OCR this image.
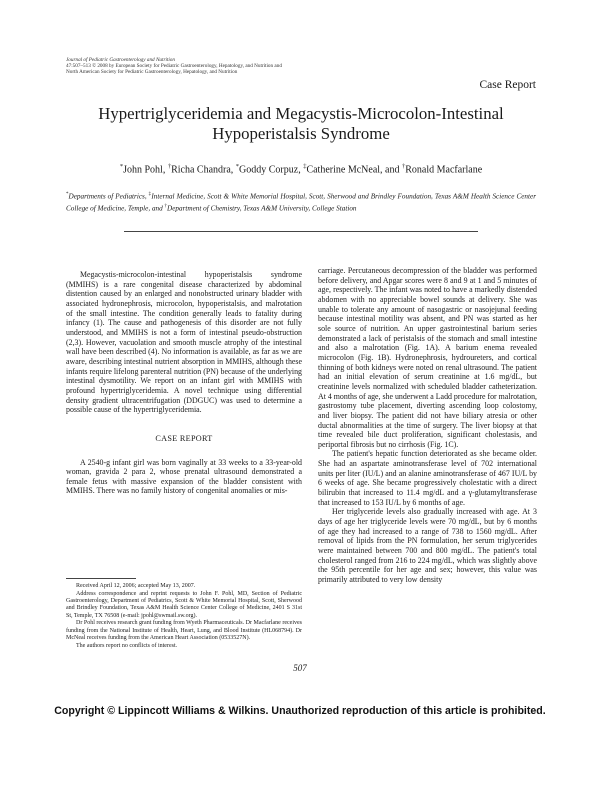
Journal of Pediatric Gastroenterology and Nutrition
47:507–513 © 2008 by European Society for Pediatric Gastroenterology, Hepatology, and Nutrition and
North American Society for Pediatric Gastroenterology, Hepatology, and Nutrition
Case Report
Hypertriglyceridemia and Megacystis-Microcolon-Intestinal
Hypoperistalsis Syndrome
*John Pohl, †Richa Chandra, *Goddy Corpuz, ‡Catherine McNeal, and †Ronald Macfarlane
*Departments of Pediatrics, ‡Internal Medicine, Scott & White Memorial Hospital, Scott, Sherwood and Brindley Foundation, Texas A&M Health Science Center College of Medicine, Temple, and †Department of Chemistry, Texas A&M University, College Station

Megacystis-microcolon-intestinal hypoperistalsis syndrome (MMIHS) is a rare congenital disease characterized by abdominal distention caused by an enlarged and nonobstructed urinary bladder with associated hydronephrosis, microcolon, hypoperistalsis, and malrotation of the small intestine. The condition generally leads to fatality during infancy (1). The cause and pathogenesis of this disorder are not fully understood, and MMIHS is not a form of intestinal pseudo-obstruction (2,3). However, vacuolation and smooth muscle atrophy of the intestinal wall have been described (4). No information is available, as far as we are aware, describing intestinal nutrient absorption in MMIHS, although these infants require lifelong parenteral nutrition (PN) because of the underlying intestinal dysmotility. We report on an infant girl with MMIHS with profound hypertriglyceridemia. A novel technique using differential density gradient ultracentrifugation (DDGUC) was used to determine a possible cause of the hypertriglyceridemia.

CASE REPORT

A 2540-g infant girl was born vaginally at 33 weeks to a 33-year-old woman, gravida 2 para 2, whose prenatal ultrasound demonstrated a female fetus with massive expansion of the bladder consistent with MMIHS. There was no family history of congenital anomalies or mis-

Received April 12, 2006; accepted May 13, 2007.

Address correspondence and reprint requests to John F. Pohl, MD, Section of Pediatric Gastroenterology, Department of Pediatrics, Scott & White Memorial Hospital, Scott, Sherwood and Brindley Foundation, Texas A&M Health Science Center College of Medicine, 2401 S 31st St, Temple, TX 76508 (e-mail: jpohl@swmail.sw.org).

Dr Pohl receives research grant funding from Wyeth Pharmaceuticals. Dr Macfarlane receives funding from the National Institute of Health, Heart, Lung, and Blood Institute (HL068794). Dr McNeal receives funding from the American Heart Association (0533527N).

The authors report no conflicts of interest.

carriage. Percutaneous decompression of the bladder was performed before delivery, and Apgar scores were 8 and 9 at 1 and 5 minutes of age, respectively. The infant was noted to have a markedly distended abdomen with no appreciable bowel sounds at delivery. She was unable to tolerate any amount of nasogastric or nasojejunal feeding because intestinal motility was absent, and PN was started as her sole source of nutrition. An upper gastrointestinal barium series demonstrated a lack of peristalsis of the stomach and small intestine and also a malrotation (Fig. 1A). A barium enema revealed microcolon (Fig. 1B). Hydronephrosis, hydroureters, and cortical thinning of both kidneys were noted on renal ultrasound. The patient had an initial elevation of serum creatinine at 1.6 mg/dL, but creatinine levels normalized with scheduled bladder catheterization. At 4 months of age, she underwent a Ladd procedure for malrotation, gastrostomy tube placement, diverting ascending loop colostomy, and liver biopsy. The patient did not have biliary atresia or other ductal abnormalities at the time of surgery. The liver biopsy at that time revealed bile duct proliferation, significant cholestasis, and periportal fibrosis but no cirrhosis (Fig. 1C).

The patient's hepatic function deteriorated as she became older. She had an aspartate aminotransferase level of 702 international units per liter (IU/L) and an alanine aminotransferase of 467 IU/L by 6 weeks of age. She became progressively cholestatic with a direct bilirubin that increased to 11.4 mg/dL and a γ-glutamyltransferase that increased to 153 IU/L by 6 months of age.

Her triglyceride levels also gradually increased with age. At 3 days of age her triglyceride levels were 70 mg/dL, but by 6 months of age they had increased to a range of 738 to 1560 mg/dL. After removal of lipids from the PN formulation, her serum triglycerides were maintained between 700 and 800 mg/dL. The patient's total cholesterol ranged from 216 to 224 mg/dL, which was slightly above the 95th percentile for her age and sex; however, this value was primarily attributed to very low density

507
Copyright © Lippincott Williams & Wilkins. Unauthorized reproduction of this article is prohibited.
